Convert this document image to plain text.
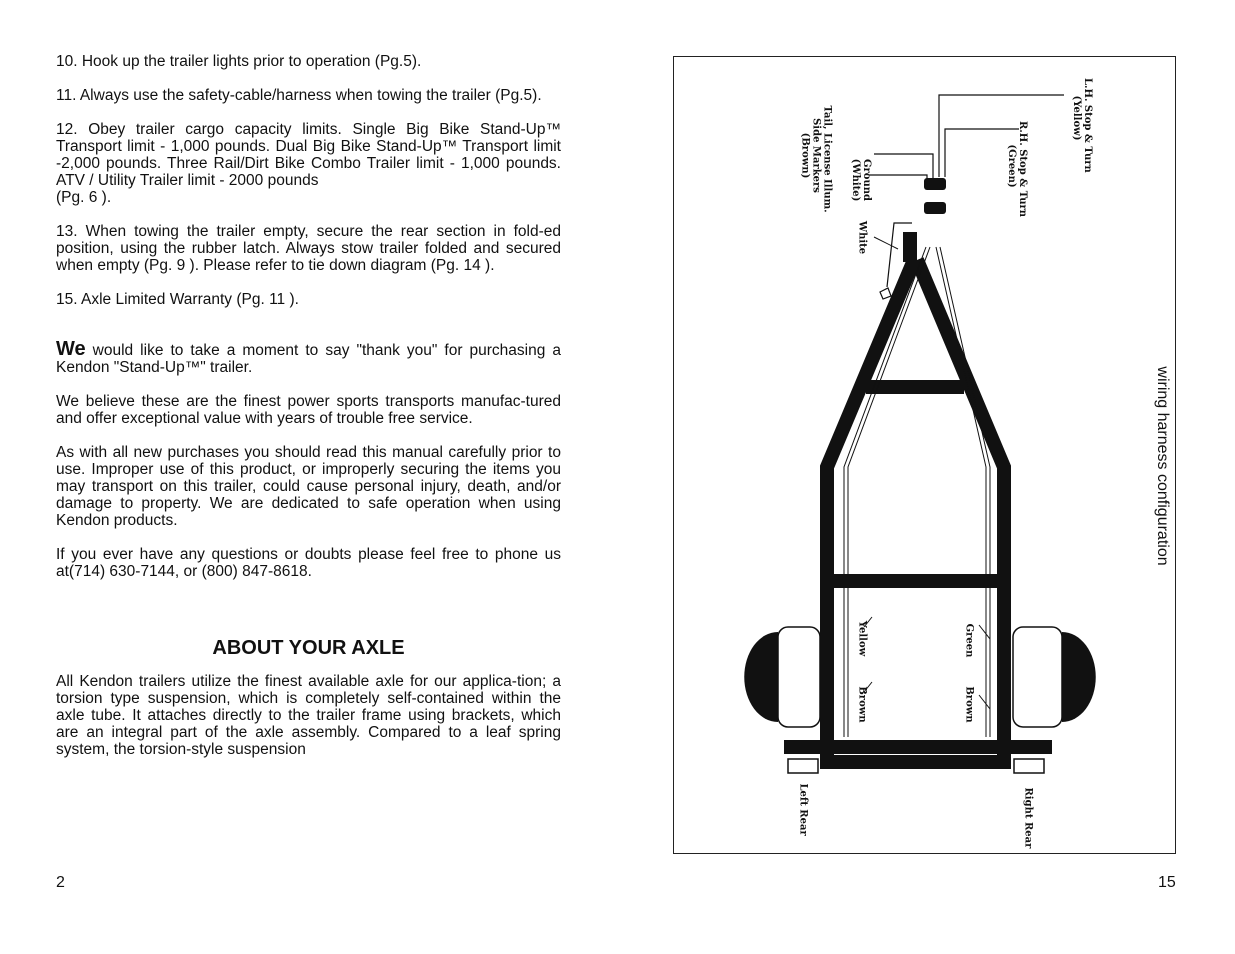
10. Hook up the trailer lights prior to operation (Pg.5).

11. Always use the safety-cable/harness when towing the trailer (Pg.5).

12. Obey trailer cargo capacity limits. Single Big Bike Stand-Up™ Transport limit - 1,000 pounds. Dual Big Bike Stand-Up™ Transport limit -2,000 pounds. Three Rail/Dirt Bike Combo Trailer limit - 1,000 pounds. ATV / Utility Trailer limit - 2000 pounds
(Pg. 6 ).

13. When towing the trailer empty, secure the rear section in fold-ed position, using the rubber latch. Always stow trailer folded and secured when empty (Pg. 9 ). Please refer to tie down diagram (Pg. 14 ).

15. Axle Limited Warranty (Pg. 11 ).

We would like to take a moment to say "thank you" for purchasing a Kendon "Stand-Up™" trailer.

We believe these are the finest power sports transports manufac-tured and offer exceptional value with years of trouble free service.

As with all new purchases you should read this manual carefully prior to use. Improper use of this product, or improperly securing the items you may transport on this trailer, could cause personal injury, death, and/or damage to property. We are dedicated to safe operation when using Kendon products.

If you ever have any questions or doubts please feel free to phone us at(714) 630-7144, or (800) 847-8618.

ABOUT YOUR AXLE

All Kendon trailers utilize the finest available axle for our applica-tion; a torsion type suspension, which is completely self-contained within the axle tube. It attaches directly to the trailer frame using brackets, which are an integral part of the axle assembly. Compared to a leaf spring system, the torsion-style suspension

2
L.H. Stop & Turn
(Yellow)
R.H. Stop & Turn
(Green)
Tail, License Illum.
Side Markers
(Brown)
Ground
(White)
White
Yellow
Brown
Green
Brown
Left Rear	Right Rear
wiring harness configuration
15
